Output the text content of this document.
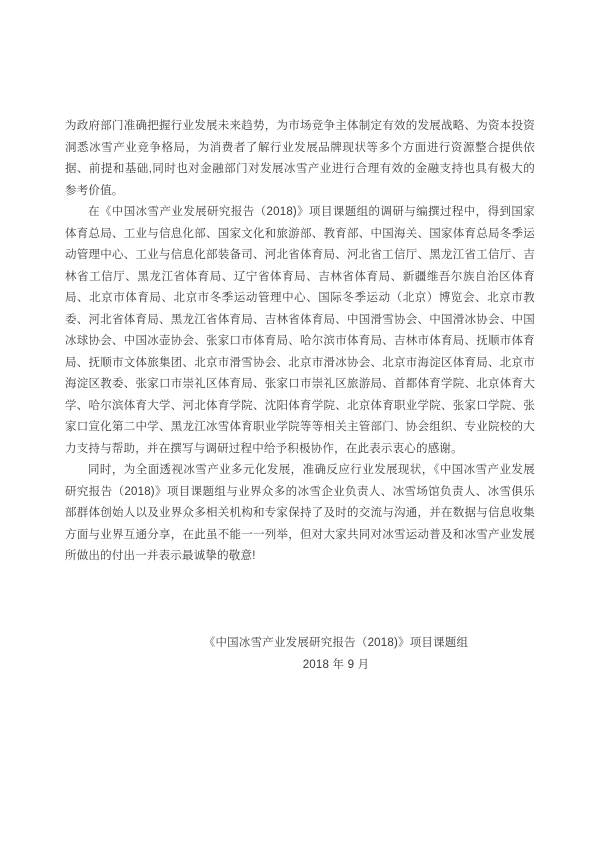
为政府部门准确把握行业发展未来趋势，为市场竞争主体制定有效的发展战略、为资本投资洞悉冰雪产业竞争格局，为消费者了解行业发展品牌现状等多个方面进行资源整合提供依据、前提和基础,同时也对金融部门对发展冰雪产业进行合理有效的金融支持也具有极大的参考价值。

在《中国冰雪产业发展研究报告（2018)》项目课题组的调研与编撰过程中，得到国家体育总局、工业与信息化部、国家文化和旅游部、教育部、中国海关、国家体育总局冬季运动管理中心、工业与信息化部装备司、河北省体育局、河北省工信厅、黑龙江省工信厅、吉林省工信厅、黑龙江省体育局、辽宁省体育局、吉林省体育局、新疆维吾尔族自治区体育局、北京市体育局、北京市冬季运动管理中心、国际冬季运动（北京）博览会、北京市教委、河北省体育局、黑龙江省体育局、吉林省体育局、中国滑雪协会、中国滑冰协会、中国冰球协会、中国冰壶协会、张家口市体育局、哈尔滨市体育局、吉林市体育局、抚顺市体育局、抚顺市文体旅集团、北京市滑雪协会、北京市滑冰协会、北京市海淀区体育局、北京市海淀区教委、张家口市崇礼区体育局、张家口市崇礼区旅游局、首都体育学院、北京体育大学、哈尔滨体育大学、河北体育学院、沈阳体育学院、北京体育职业学院、张家口学院、张家口宣化第二中学、黑龙江冰雪体育职业学院等等相关主管部门、协会组织、专业院校的大力支持与帮助，并在撰写与调研过程中给予积极协作，在此表示衷心的感谢。

同时，为全面透视冰雪产业多元化发展，准确反应行业发展现状，《中国冰雪产业发展研究报告（2018)》项目课题组与业界众多的冰雪企业负责人、冰雪场馆负责人、冰雪俱乐部群体创始人以及业界众多相关机构和专家保持了及时的交流与沟通，并在数据与信息收集方面与业界互通分享，在此虽不能一一列举，但对大家共同对冰雪运动普及和冰雪产业发展所做出的付出一并表示最诚挚的敬意!

《中国冰雪产业发展研究报告（2018)》项目课题组
2018 年 9 月
